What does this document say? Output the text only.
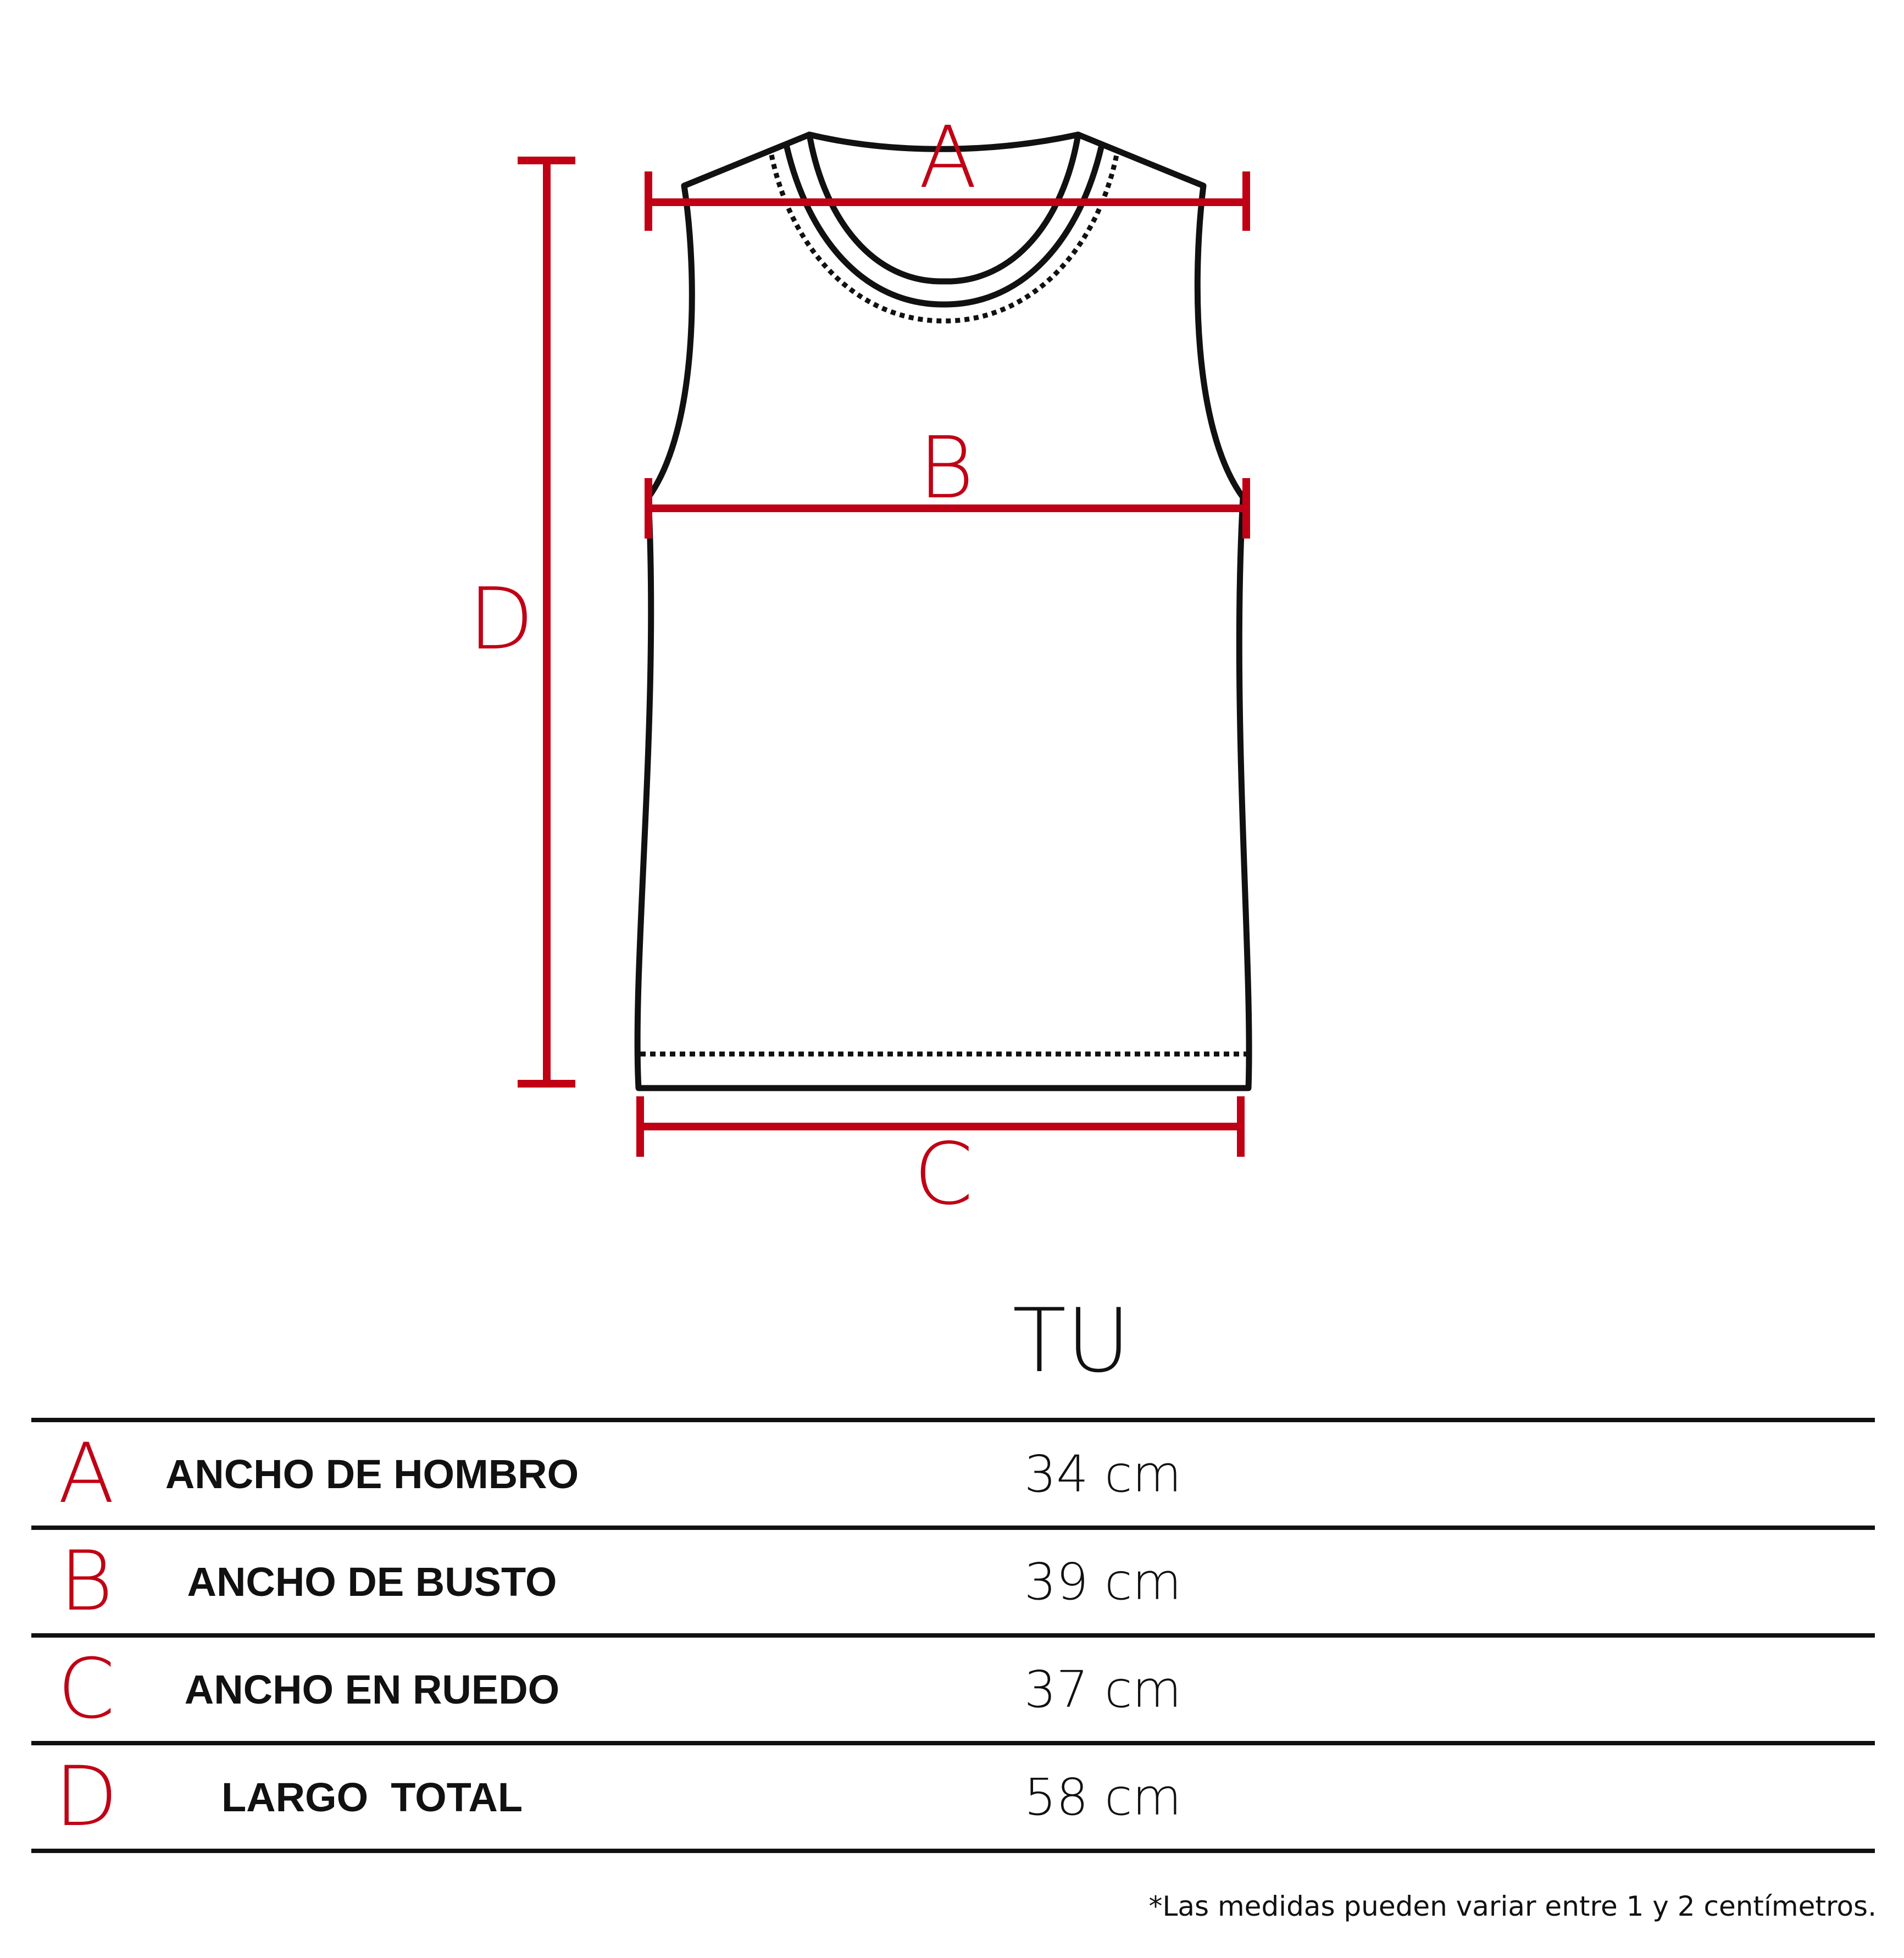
A
B
C
D
TU
A	ANCHO DE HOMBRO	34 cm
B	ANCHO DE BUSTO	39 cm
C	ANCHO EN RUEDO	37 cm
D	LARGO  TOTAL	58 cm
*Las medidas pueden variar entre 1 y 2 centímetros.
